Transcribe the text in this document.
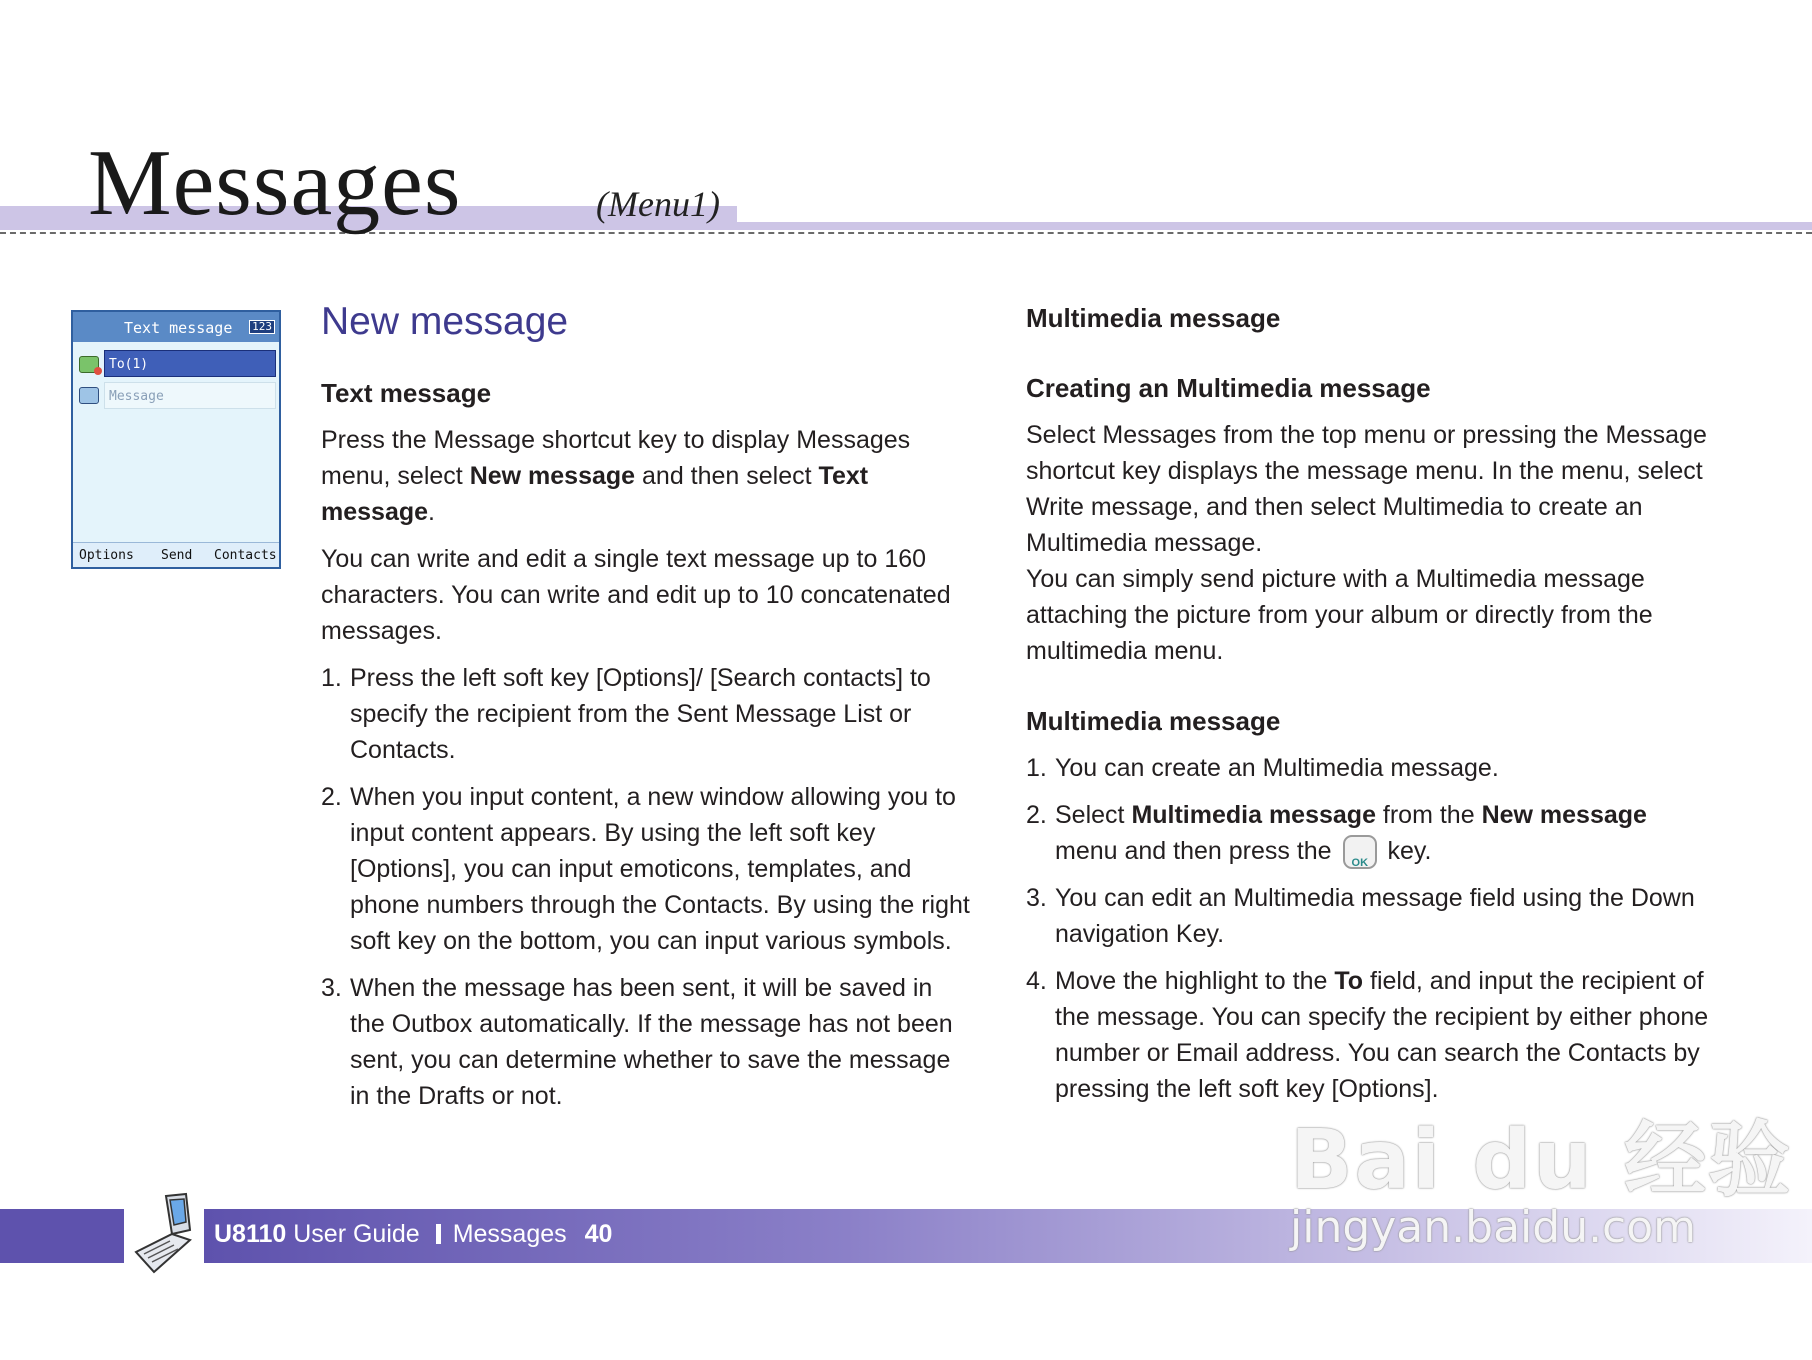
Messages	(Menu1)
Text message 123
To(1)
Message
Options Send Contacts
New message
Text message
Press the Message shortcut key to display Messages menu, select New message and then select Text message.
You can write and edit a single text message up to 160 characters. You can write and edit up to 10 concatenated messages.
1. Press the left soft key [Options]/ [Search contacts] to specify the recipient from the Sent Message List or Contacts.
2. When you input content, a new window allowing you to input content appears. By using the left soft key [Options], you can input emoticons, templates, and phone numbers through the Contacts. By using the right soft key on the bottom, you can input various symbols.
3. When the message has been sent, it will be saved in the Outbox automatically. If the message has not been sent, you can determine whether to save the message in the Drafts or not.
Multimedia message
Creating an Multimedia message
Select Messages from the top menu or pressing the Message shortcut key displays the message menu. In the menu, select Write message, and then select Multimedia to create an Multimedia message.
You can simply send picture with a Multimedia message attaching the picture from your album or directly from the multimedia menu.
Multimedia message
1. You can create an Multimedia message.
2. Select Multimedia message from the New message menu and then press the OK key.
3. You can edit an Multimedia message field using the Down navigation Key.
4. Move the highlight to the To field, and input the recipient of the message. You can specify the recipient by either phone number or Email address. You can search the Contacts by pressing the left soft key [Options].
U8110 User Guide Messages 40
Bai du 经验
jingyan.baidu.com
